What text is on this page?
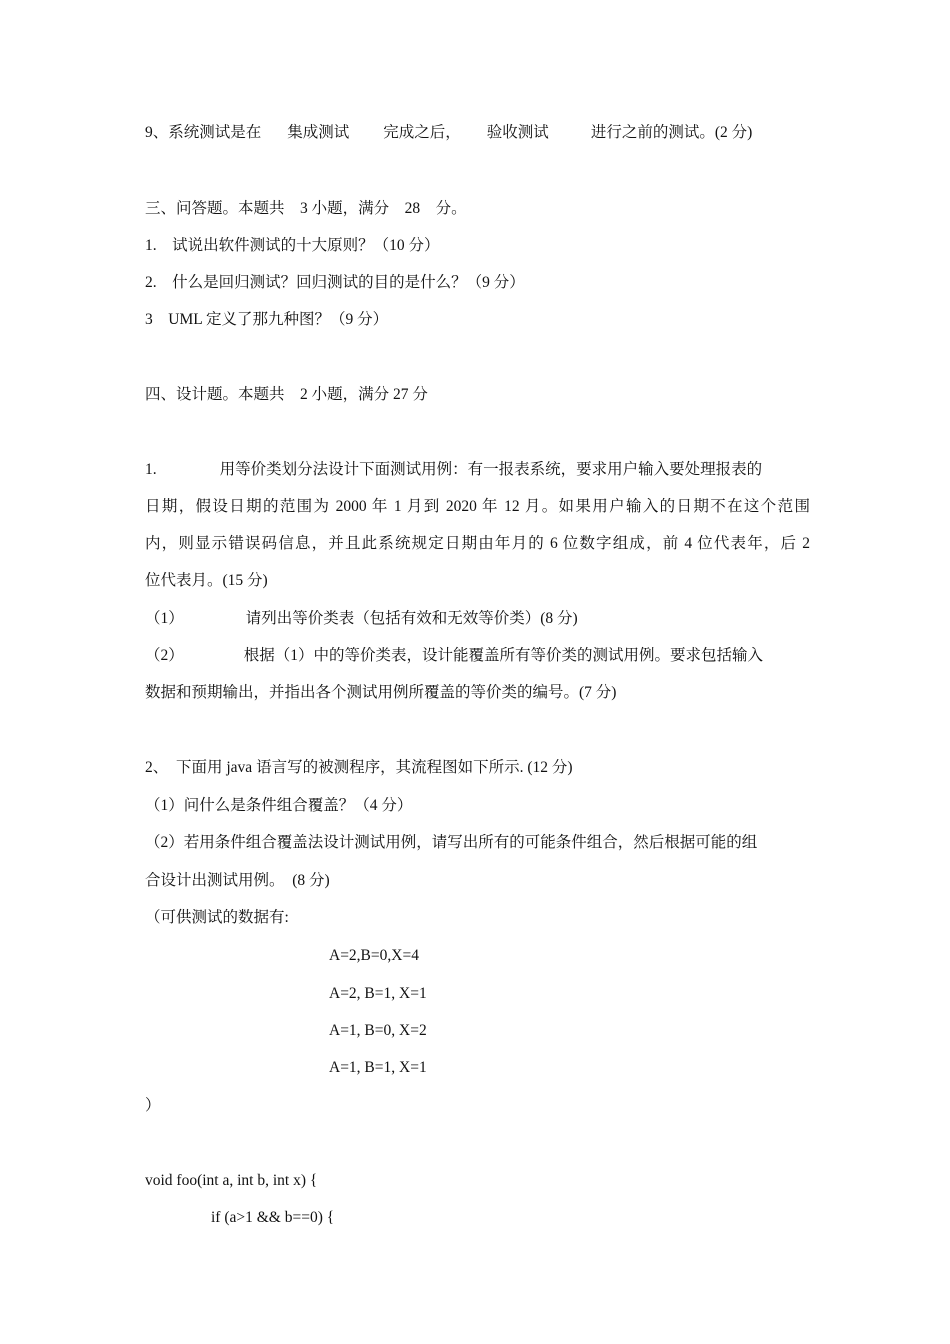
9、系统测试是在 集成测试 完成之后， 验收测试	进行之前的测试。(2 分)
三、问答题。本题共　3 小题，满分　28　分。
1.　试说出软件测试的十大原则？（10 分）
2.　什么是回归测试？回归测试的目的是什么？（9 分）
3　UML 定义了那九种图？（9 分）
四、设计题。本题共　2 小题，满分 27 分
1.	用等价类划分法设计下面测试用例：有一报表系统，要求用户输入要处理报表的
日期，假设日期的范围为 2000 年 1 月到 2020 年 12 月。如果用户输入的日期不在这个范围
内，则显示错误码信息，并且此系统规定日期由年月的 6 位数字组成，前 4 位代表年，后 2
位代表月。(15 分)
（1）	请列出等价类表（包括有效和无效等价类）(8 分)
（2）	根据（1）中的等价类表，设计能覆盖所有等价类的测试用例。要求包括输入
数据和预期输出，并指出各个测试用例所覆盖的等价类的编号。(7 分)
2、　下面用 java 语言写的被测程序，其流程图如下所示. (12 分)
（1）问什么是条件组合覆盖？（4 分）
（2）若用条件组合覆盖法设计测试用例，请写出所有的可能条件组合，然后根据可能的组
合设计出测试用例。　(8 分)
（可供测试的数据有:
A=2,B=0,X=4
A=2, B=1, X=1
A=1, B=0, X=2
A=1, B=1, X=1
）
void foo(int a, int b, int x) {
if (a>1 && b==0) {
